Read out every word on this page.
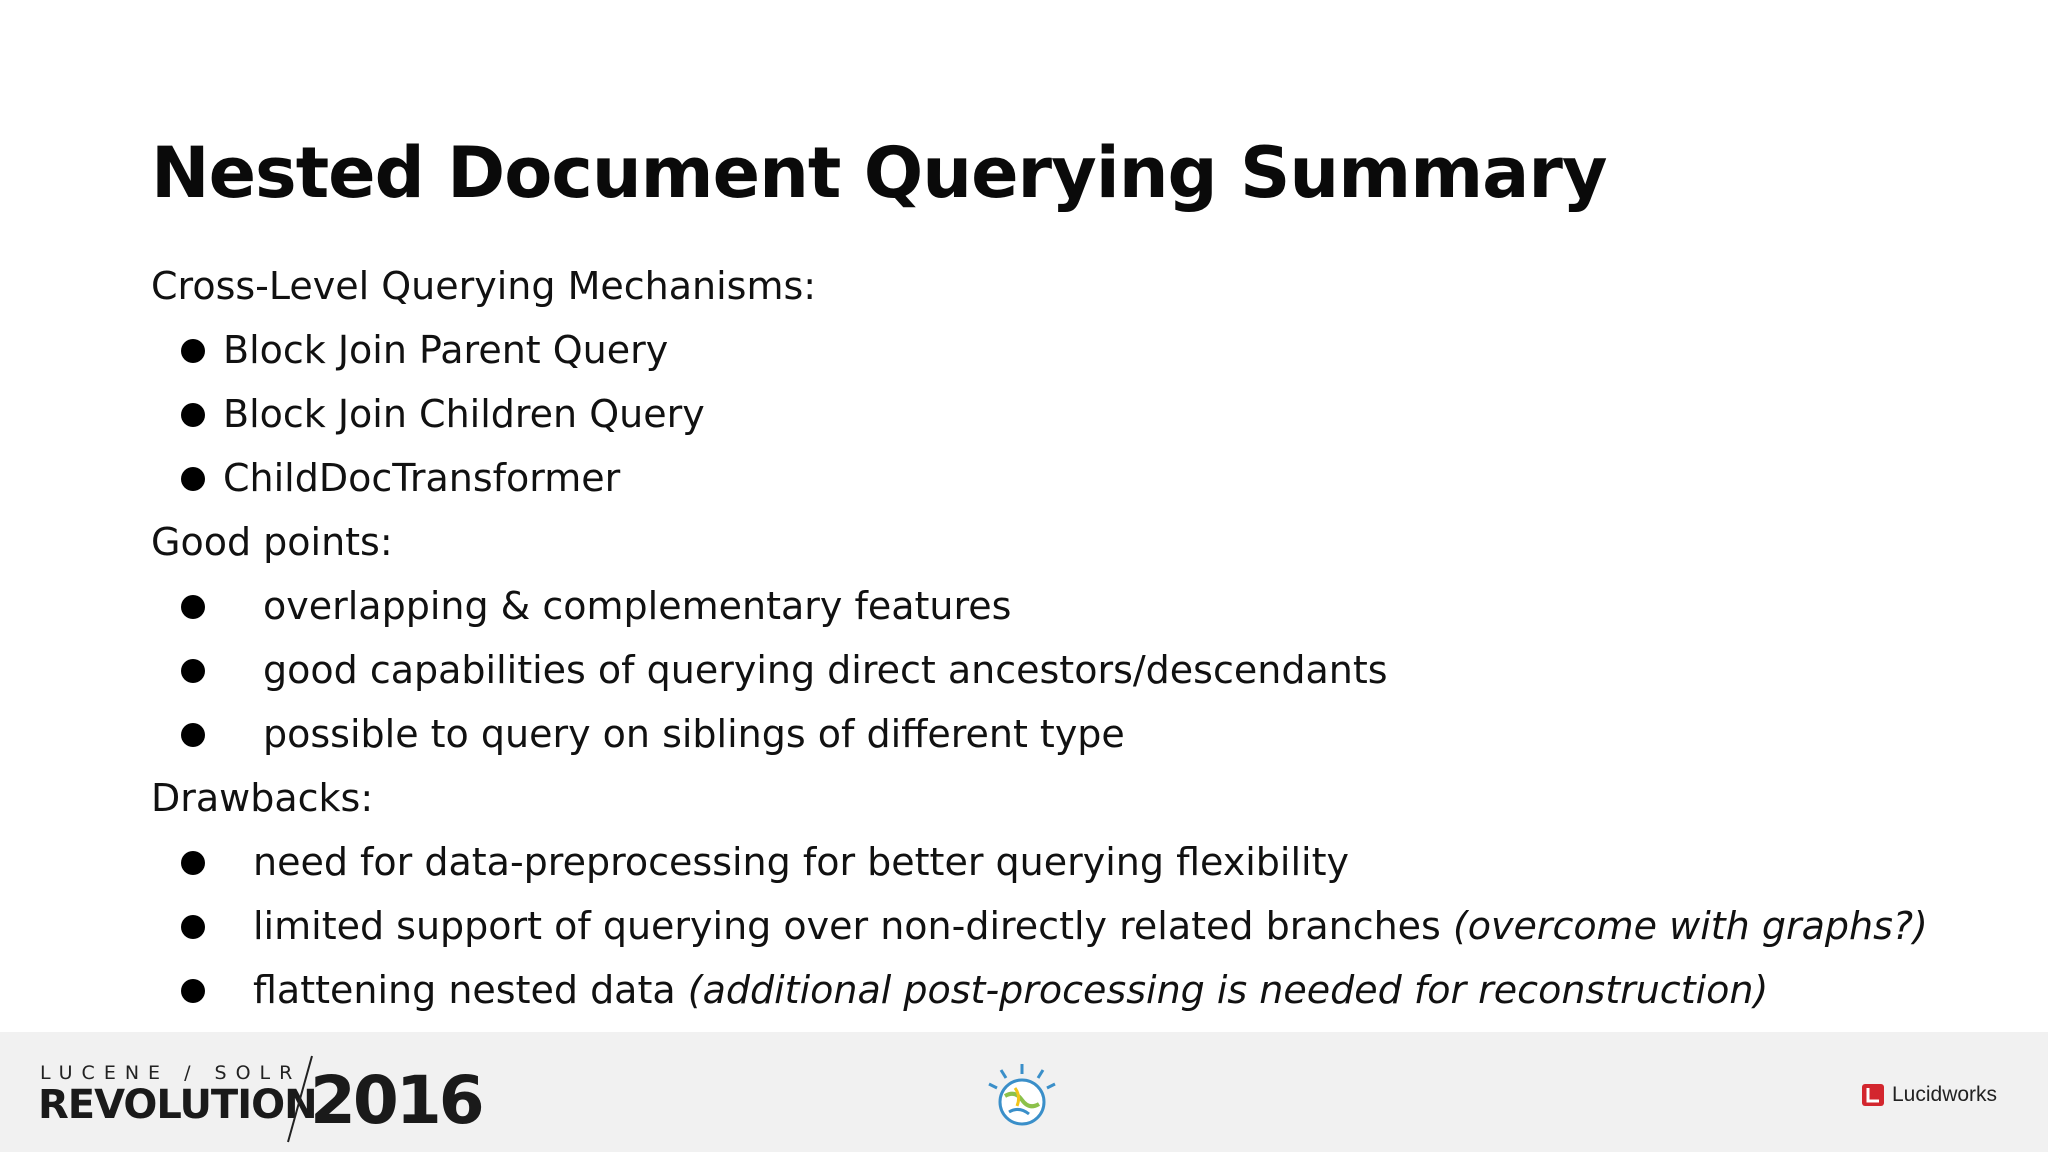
Nested Document Querying Summary
Cross-Level Querying Mechanisms:
Block Join Parent Query
Block Join Children Query
ChildDocTransformer
Good points:
overlapping & complementary features
good capabilities of querying direct ancestors/descendants
possible to query on siblings of different type
Drawbacks:
need for data-preprocessing for better querying flexibility
limited support of querying over non-directly related branches (overcome with graphs?)
flattening nested data (additional post-processing is needed for reconstruction)
LUCENE / SOLR
REVOLUTION
2016	Lucidworks
